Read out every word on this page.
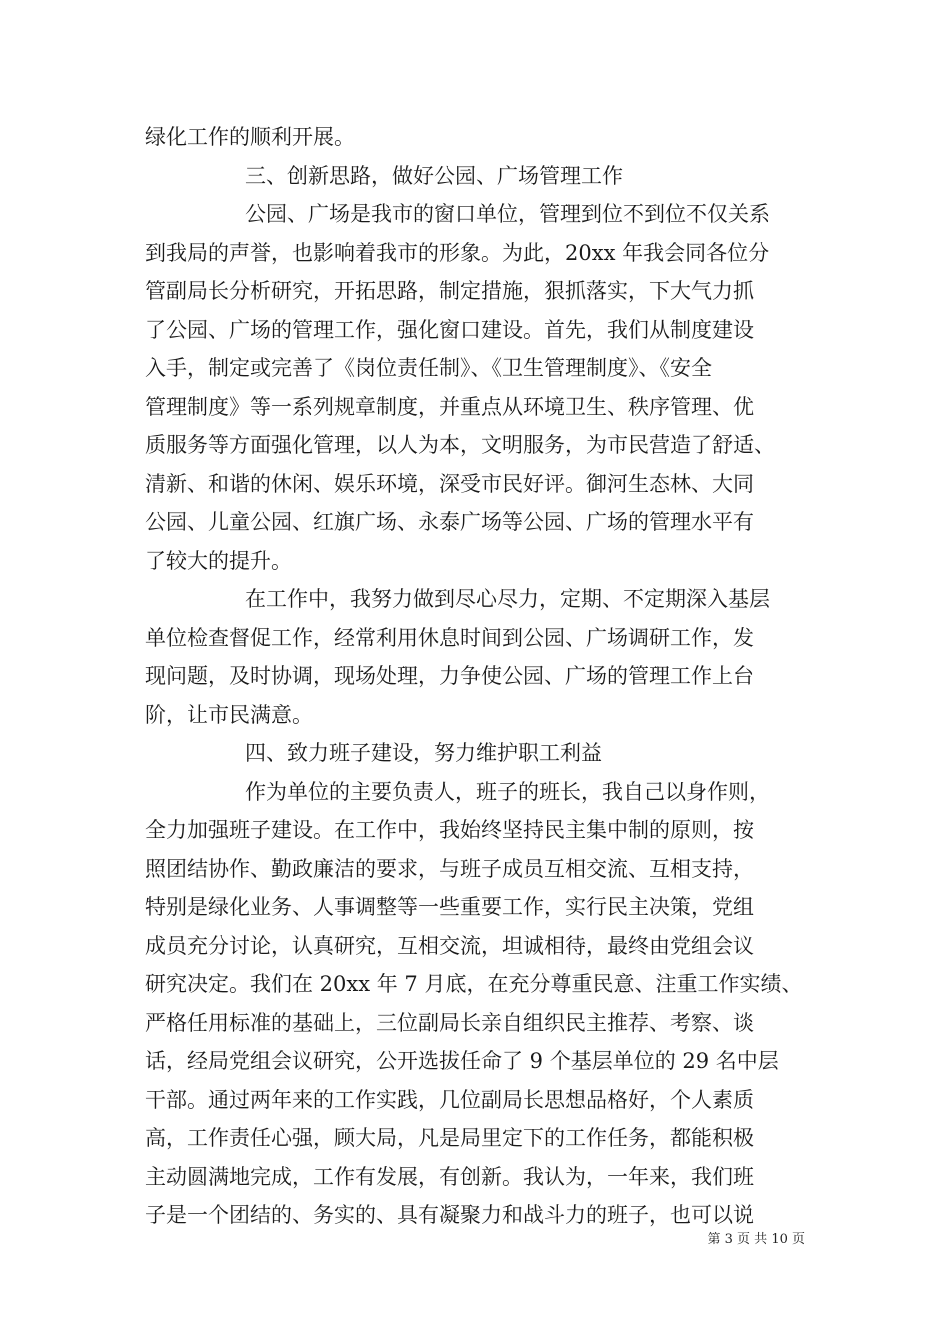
绿化工作的顺利开展。
三、创新思路，做好公园、广场管理工作
公园、广场是我市的窗口单位，管理到位不到位不仅关系
到我局的声誉，也影响着我市的形象。为此，20xx 年我会同各位分
管副局长分析研究，开拓思路，制定措施，狠抓落实，下大气力抓
了公园、广场的管理工作，强化窗口建设。首先，我们从制度建设
入手，制定或完善了《岗位责任制》、《卫生管理制度》、《安全
管理制度》等一系列规章制度，并重点从环境卫生、秩序管理、优
质服务等方面强化管理，以人为本，文明服务，为市民营造了舒适、
清新、和谐的休闲、娱乐环境，深受市民好评。御河生态林、大同
公园、儿童公园、红旗广场、永泰广场等公园、广场的管理水平有
了较大的提升。
在工作中，我努力做到尽心尽力，定期、不定期深入基层
单位检查督促工作，经常利用休息时间到公园、广场调研工作，发
现问题，及时协调，现场处理，力争使公园、广场的管理工作上台
阶，让市民满意。
四、致力班子建设，努力维护职工利益
作为单位的主要负责人，班子的班长，我自己以身作则，
全力加强班子建设。在工作中，我始终坚持民主集中制的原则，按
照团结协作、勤政廉洁的要求，与班子成员互相交流、互相支持，
特别是绿化业务、人事调整等一些重要工作，实行民主决策，党组
成员充分讨论，认真研究，互相交流，坦诚相待，最终由党组会议
研究决定。我们在 20xx 年 7 月底，在充分尊重民意、注重工作实绩、
严格任用标准的基础上，三位副局长亲自组织民主推荐、考察、谈
话，经局党组会议研究，公开选拔任命了 9 个基层单位的 29 名中层
干部。通过两年来的工作实践，几位副局长思想品格好，个人素质
高，工作责任心强，顾大局，凡是局里定下的工作任务，都能积极
主动圆满地完成，工作有发展，有创新。我认为，一年来，我们班
子是一个团结的、务实的、具有凝聚力和战斗力的班子，也可以说
第 3 页 共 10 页
